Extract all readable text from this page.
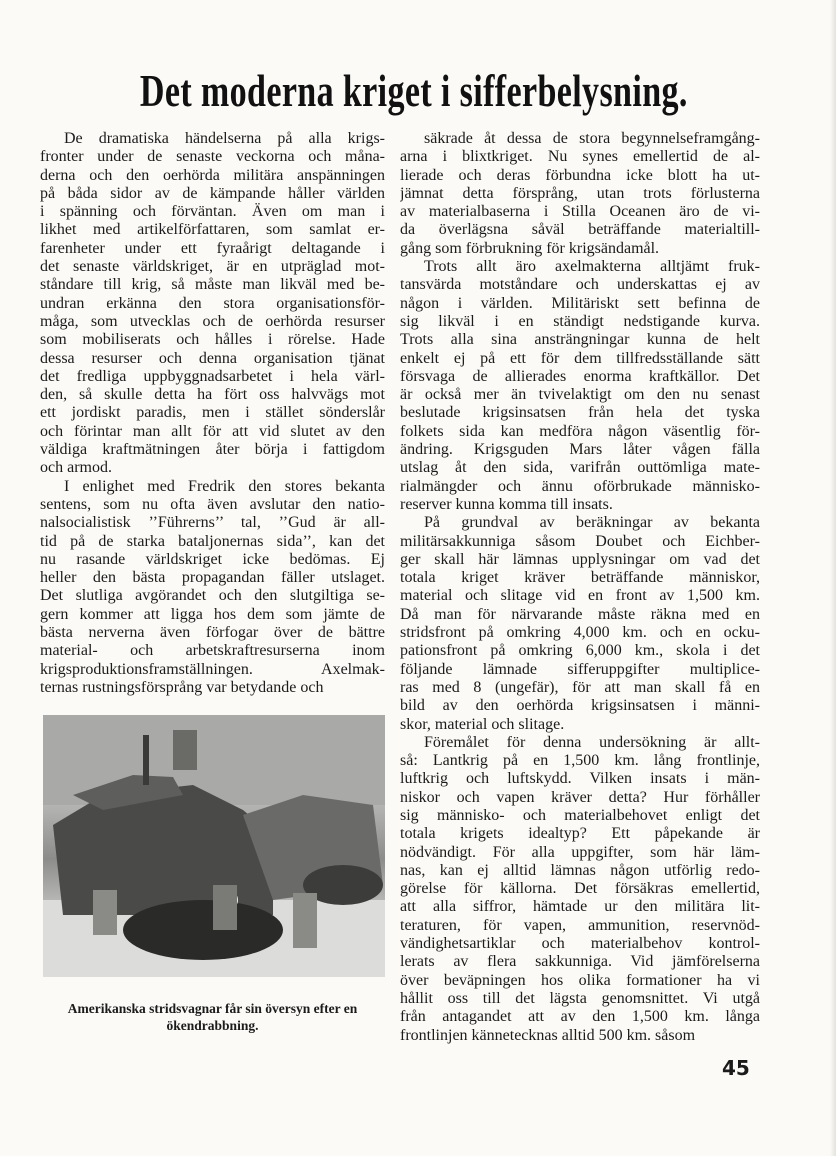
Det moderna kriget i sifferbelysning.
De dramatiska händelserna på alla krigs-
fronter under de senaste veckorna och måna-
derna och den oerhörda militära anspänningen
på båda sidor av de kämpande håller världen
i spänning och förväntan. Även om man i
likhet med artikelförfattaren, som samlat er-
farenheter under ett fyraårigt deltagande i
det senaste världskriget, är en utpräglad mot-
ståndare till krig, så måste man likväl med be-
undran erkänna den stora organisationsför-
måga, som utvecklas och de oerhörda resurser
som mobiliserats och hålles i rörelse. Hade
dessa resurser och denna organisation tjänat
det fredliga uppbyggnadsarbetet i hela värl-
den, så skulle detta ha fört oss halvvägs mot
ett jordiskt paradis, men i stället sönderslår
och förintar man allt för att vid slutet av den
väldiga kraftmätningen åter börja i fattigdom
och armod.
I enlighet med Fredrik den stores bekanta
sentens, som nu ofta även avslutar den natio-
nalsocialistisk ’’Führerns’’ tal, ’’Gud är all-
tid på de starka bataljonernas sida’’, kan det
nu rasande världskriget icke bedömas. Ej
heller den bästa propagandan fäller utslaget.
Det slutliga avgörandet och den slutgiltiga se-
gern kommer att ligga hos dem som jämte de
bästa nerverna även förfogar över de bättre
material- och arbetskraftresurserna inom
krigsproduktionsframställningen. Axelmak-
ternas rustningsförsprång var betydande och
säkrade åt dessa de stora begynnelseframgång-
arna i blixtkriget. Nu synes emellertid de al-
lierade och deras förbundna icke blott ha ut-
jämnat detta försprång, utan trots förlusterna
av materialbaserna i Stilla Oceanen äro de vi-
da överlägsna såväl beträffande materialtill-
gång som förbrukning för krigsändamål.
Trots allt äro axelmakterna alltjämt fruk-
tansvärda motståndare och underskattas ej av
någon i världen. Militäriskt sett befinna de
sig likväl i en ständigt nedstigande kurva.
Trots alla sina ansträngningar kunna de helt
enkelt ej på ett för dem tillfredsställande sätt
försvaga de allierades enorma kraftkällor. Det
är också mer än tvivelaktigt om den nu senast
beslutade krigsinsatsen från hela det tyska
folkets sida kan medföra någon väsentlig för-
ändring. Krigsguden Mars låter vågen fälla
utslag åt den sida, varifrån outtömliga mate-
rialmängder och ännu oförbrukade människo-
reserver kunna komma till insats.
På grundval av beräkningar av bekanta
militärsakkunniga såsom Doubet och Eichber-
ger skall här lämnas upplysningar om vad det
totala kriget kräver beträffande människor,
material och slitage vid en front av 1,500 km.
Då man för närvarande måste räkna med en
stridsfront på omkring 4,000 km. och en ocku-
pationsfront på omkring 6,000 km., skola i det
följande lämnade sifferuppgifter multiplice-
ras med 8 (ungefär), för att man skall få en
bild av den oerhörda krigsinsatsen i männi-
skor, material och slitage.
Föremålet för denna undersökning är allt-
så: Lantkrig på en 1,500 km. lång frontlinje,
luftkrig och luftskydd. Vilken insats i män-
niskor och vapen kräver detta? Hur förhåller
sig människo- och materialbehovet enligt det
totala krigets idealtyp? Ett påpekande är
nödvändigt. För alla uppgifter, som här läm-
nas, kan ej alltid lämnas någon utförlig redo-
görelse för källorna. Det försäkras emellertid,
att alla siffror, hämtade ur den militära lit-
teraturen, för vapen, ammunition, reservnöd-
vändighetsartiklar och materialbehov kontrol-
lerats av flera sakkunniga. Vid jämförelserna
över beväpningen hos olika formationer ha vi
hållit oss till det lägsta genomsnittet. Vi utgå
från antagandet att av den 1,500 km. långa
frontlinjen kännetecknas alltid 500 km. såsom
Amerikanska stridsvagnar får sin översyn efter en ökendrabbning.
45
